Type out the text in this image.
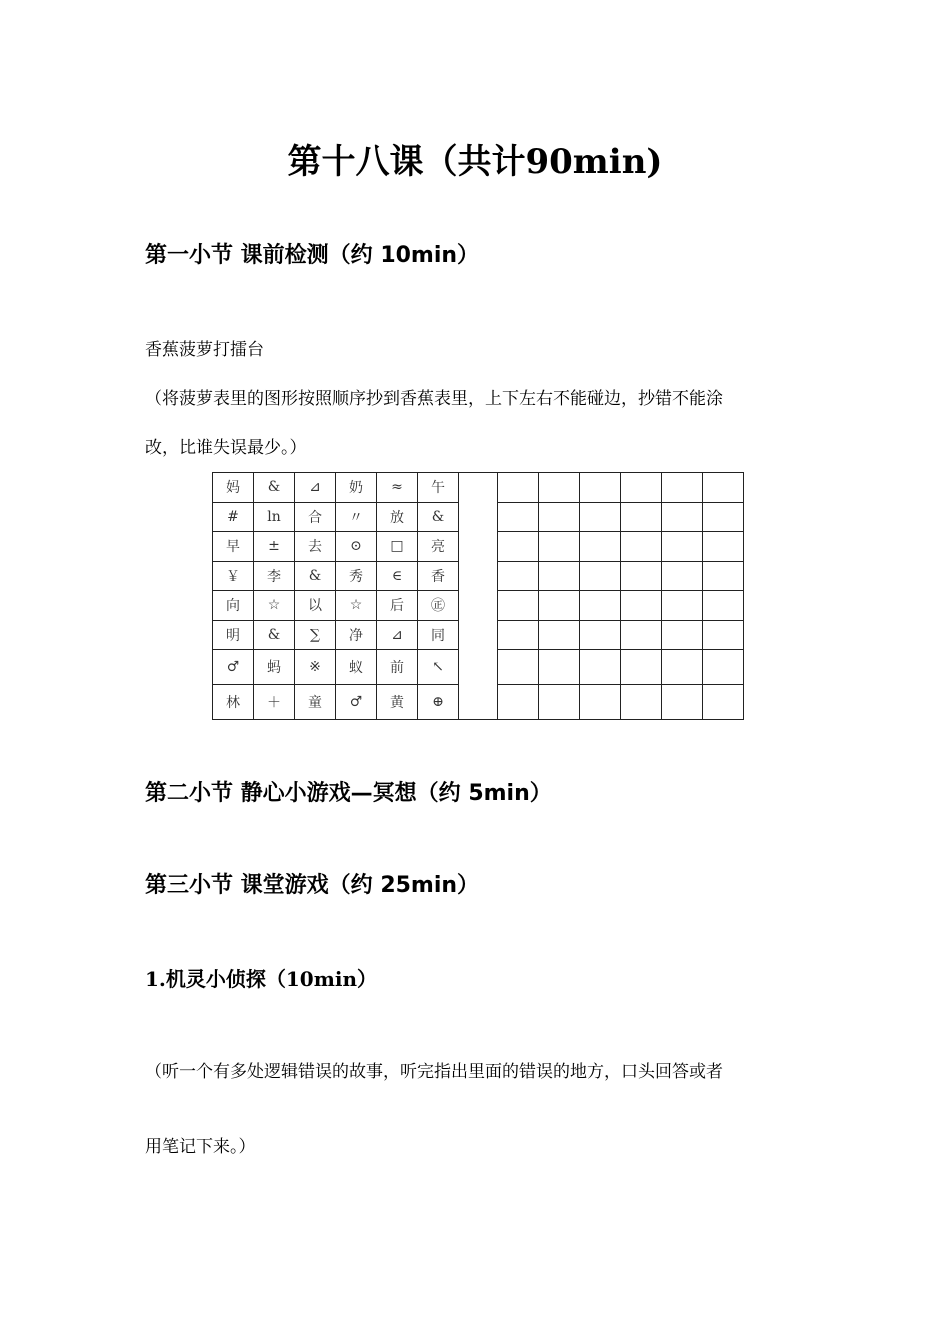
第十八课（共计90min)
第一小节 课前检测（约 10min）
香蕉菠萝打擂台
（将菠萝表里的图形按照顺序抄到香蕉表里，上下左右不能碰边，抄错不能涂
改，比谁失误最少。）
妈	&	⊿	奶	≈	午							
#	ln	合	〃	放	&							
早	±	去	⊙	□	亮							
￥	李	&	秀	∈	香							
向	☆	以	☆	后	㊣							
明	&	∑	净	⊿	同							
♂	蚂	※	蚁	前	↖							
林	＋	童	♂	黄	⊕							
第二小节 静心小游戏—冥想（约 5min）
第三小节 课堂游戏（约 25min）
1.机灵小侦探（10min）
（听一个有多处逻辑错误的故事，听完指出里面的错误的地方，口头回答或者
用笔记下来。）
